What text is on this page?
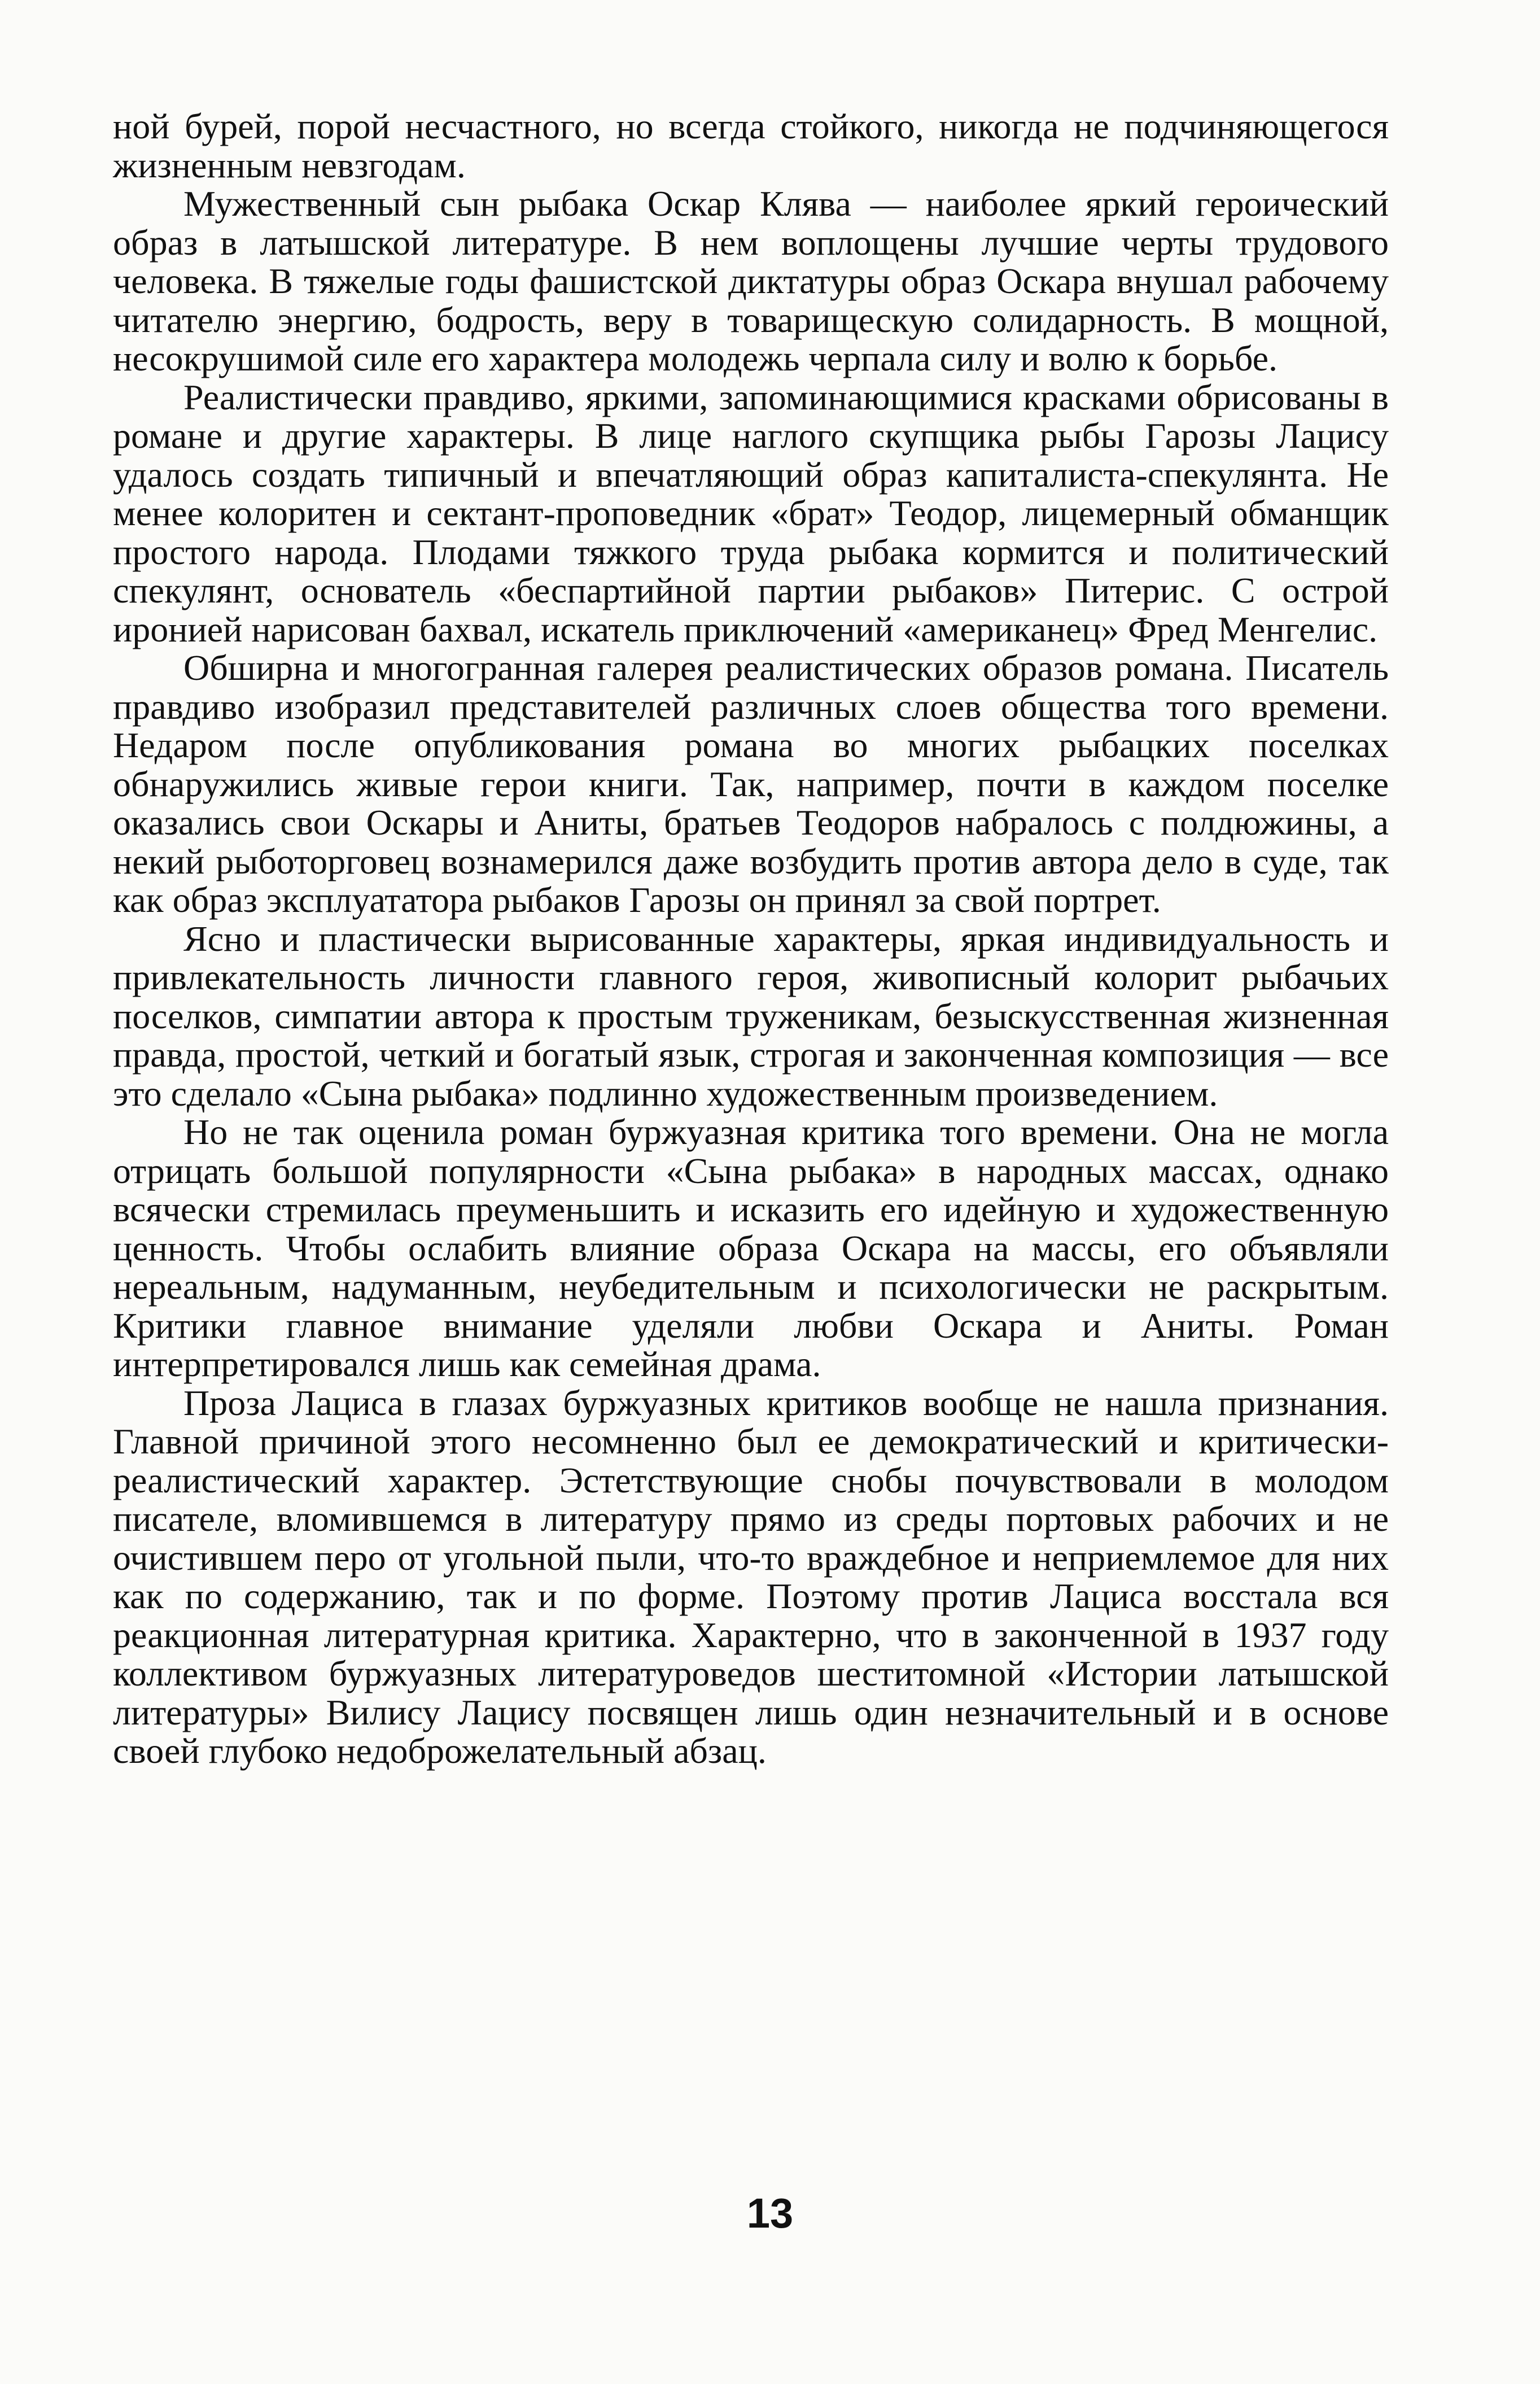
ной бурей, порой несчастного, но всегда стойкого, никогда не подчиняющегося жизненным невзгодам.

Мужественный сын рыбака Оскар Клява — наиболее яркий героический образ в латышской литературе. В нем воплощены лучшие черты трудового человека. В тяжелые годы фашистской диктатуры образ Оскара внушал рабочему читателю энергию, бодрость, веру в товарищескую солидарность. В мощной, несокрушимой силе его характера молодежь черпала силу и волю к борьбе.

Реалистически правдиво, яркими, запоминающимися красками обрисованы в романе и другие характеры. В лице наглого скупщика рыбы Гарозы Лацису удалось создать типичный и впечатляющий образ капиталиста-спекулянта. Не менее колоритен и сектант-проповедник «брат» Теодор, лицемерный обманщик простого народа. Плодами тяжкого труда рыбака кормится и политический спекулянт, основатель «беспартийной партии рыбаков» Питерис. С острой иронией нарисован бахвал, искатель приключений «американец» Фред Менгелис.

Обширна и многогранная галерея реалистических образов романа. Писатель правдиво изобразил представителей различных слоев общества того времени. Недаром после опубликования романа во многих рыбацких поселках обнаружились живые герои книги. Так, например, почти в каждом поселке оказались свои Оскары и Аниты, братьев Теодоров набралось с полдюжины, а некий рыботорговец вознамерился даже возбудить против автора дело в суде, так как образ эксплуататора рыбаков Гарозы он принял за свой портрет.

Ясно и пластически вырисованные характеры, яркая индивидуальность и привлекательность личности главного героя, живописный колорит рыбачьих поселков, симпатии автора к простым труженикам, безыскусственная жизненная правда, простой, четкий и богатый язык, строгая и законченная композиция — все это сделало «Сына рыбака» подлинно художественным произведением.

Но не так оценила роман буржуазная критика того времени. Она не могла отрицать большой популярности «Сына рыбака» в народных массах, однако всячески стремилась преуменьшить и исказить его идейную и художественную ценность. Чтобы ослабить влияние образа Оскара на массы, его объявляли нереальным, надуманным, неубедительным и психологически не раскрытым. Критики главное внимание уделяли любви Оскара и Аниты. Роман интерпретировался лишь как семейная драма.

Проза Лациса в глазах буржуазных критиков вообще не нашла признания. Главной причиной этого несомненно был ее демократический и критически-реалистический характер. Эстетствующие снобы почувствовали в молодом писателе, вломившемся в литературу прямо из среды портовых рабочих и не очистившем перо от угольной пыли, что-то враждебное и неприемлемое для них как по содержанию, так и по форме. Поэтому против Лациса восстала вся реакционная литературная критика. Характерно, что в законченной в 1937 году коллективом буржуазных литературоведов шеститомной «Истории латышской литературы» Вилису Лацису посвящен лишь один незначительный и в основе своей глубоко недоброжелательный абзац.

13
